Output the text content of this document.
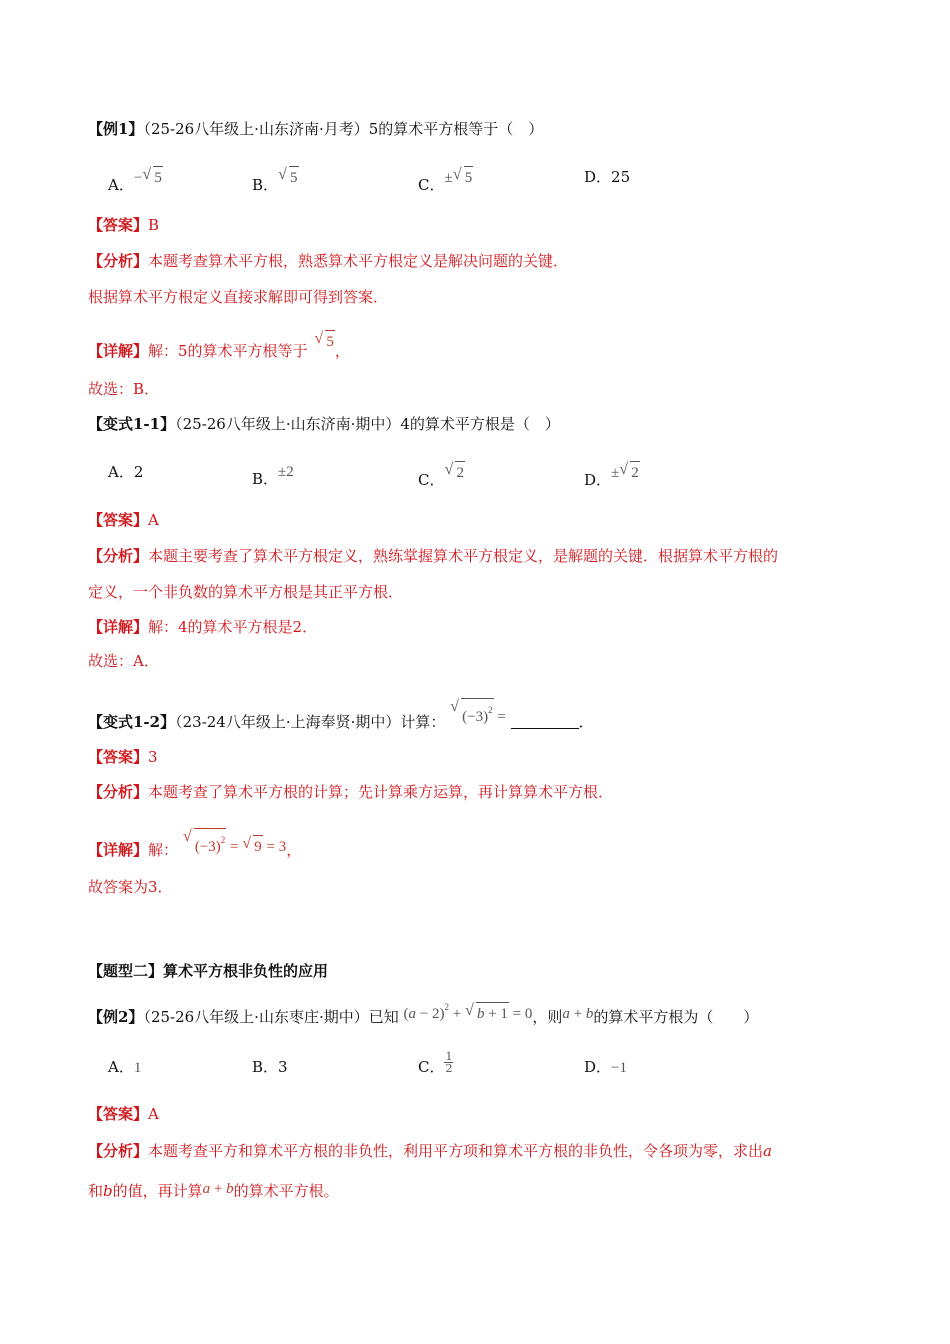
【例1】（25-26八年级上·山东济南·月考）5的算术平方根等于（　）
A．− √ 5	B．
√ 5	C．± √ 5	D．25
【答案】B
【分析】本题考查算术平方根，熟悉算术平方根定义是解决问题的关键．
根据算术平方根定义直接求解即可得到答案．
【详解】解：5的算术平方根等于
√ 5，
故选：B．
【变式1-1】（25-26八年级上·山东济南·期中）4的算术平方根是（　）
A．2	B．±2	C．
√ 2	D．± √ 2
【答案】A
【分析】本题主要考查了算术平方根定义，熟练掌握算术平方根定义，是解题的关键．根据算术平方根的
定义，一个非负数的算术平方根是其正平方根．
【详解】解：4的算术平方根是2．
故选：A．
【变式1-2】（23-24八年级上·上海奉贤·期中）计算：
√
$(-3)^2$ =	．
【答案】3
【分析】本题考查了算术平方根的计算；先计算乘方运算，再计算算术平方根．
【详解】解：
√
$(-3)^2$ = √ 9 = 3，
故答案为3．
【题型二】算术平方根非负性的应用
【例2】（25-26八年级上·山东枣庄·期中）已知 $(a - 2)^2$ + √ b + 1 = 0，则a + b的算术平方根为（　　）
A．1	B．3	C． $\frac{1}{2}$	D．−1
【答案】A
【分析】本题考查平方和算术平方根的非负性，利用平方项和算术平方根的非负性，令各项为零，求出a
和b的值，再计算a + b的算术平方根。
